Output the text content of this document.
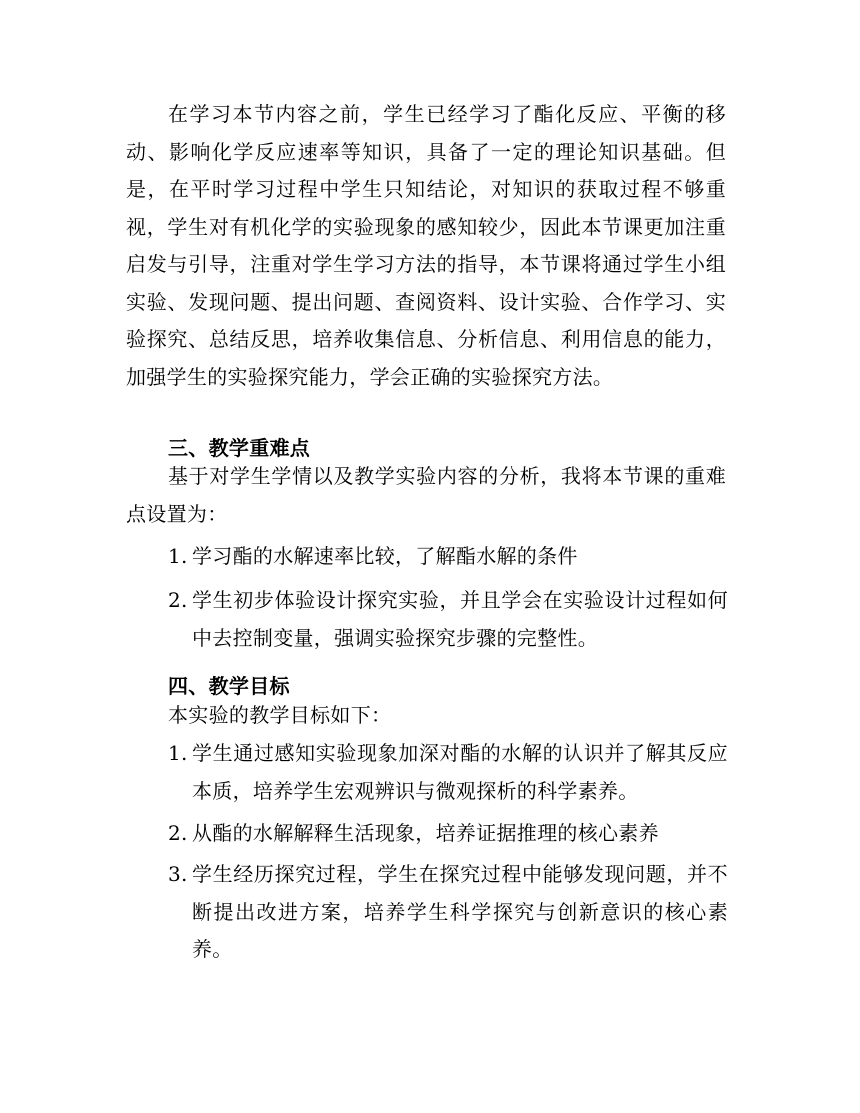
在学习本节内容之前，学生已经学习了酯化反应、平衡的移动、影响化学反应速率等知识，具备了一定的理论知识基础。但是，在平时学习过程中学生只知结论，对知识的获取过程不够重视，学生对有机化学的实验现象的感知较少，因此本节课更加注重启发与引导，注重对学生学习方法的指导，本节课将通过学生小组实验、发现问题、提出问题、查阅资料、设计实验、合作学习、实验探究、总结反思，培养收集信息、分析信息、利用信息的能力，加强学生的实验探究能力，学会正确的实验探究方法。

三、教学重难点

基于对学生学情以及教学实验内容的分析，我将本节课的重难点设置为：

1. 学习酯的水解速率比较，了解酯水解的条件
2. 学生初步体验设计探究实验，并且学会在实验设计过程如何中去控制变量，强调实验探究步骤的完整性。
四、教学目标

本实验的教学目标如下：

1. 学生通过感知实验现象加深对酯的水解的认识并了解其反应本质，培养学生宏观辨识与微观探析的科学素养。
2. 从酯的水解解释生活现象，培养证据推理的核心素养
3. 学生经历探究过程，学生在探究过程中能够发现问题，并不断提出改进方案，培养学生科学探究与创新意识的核心素养。
